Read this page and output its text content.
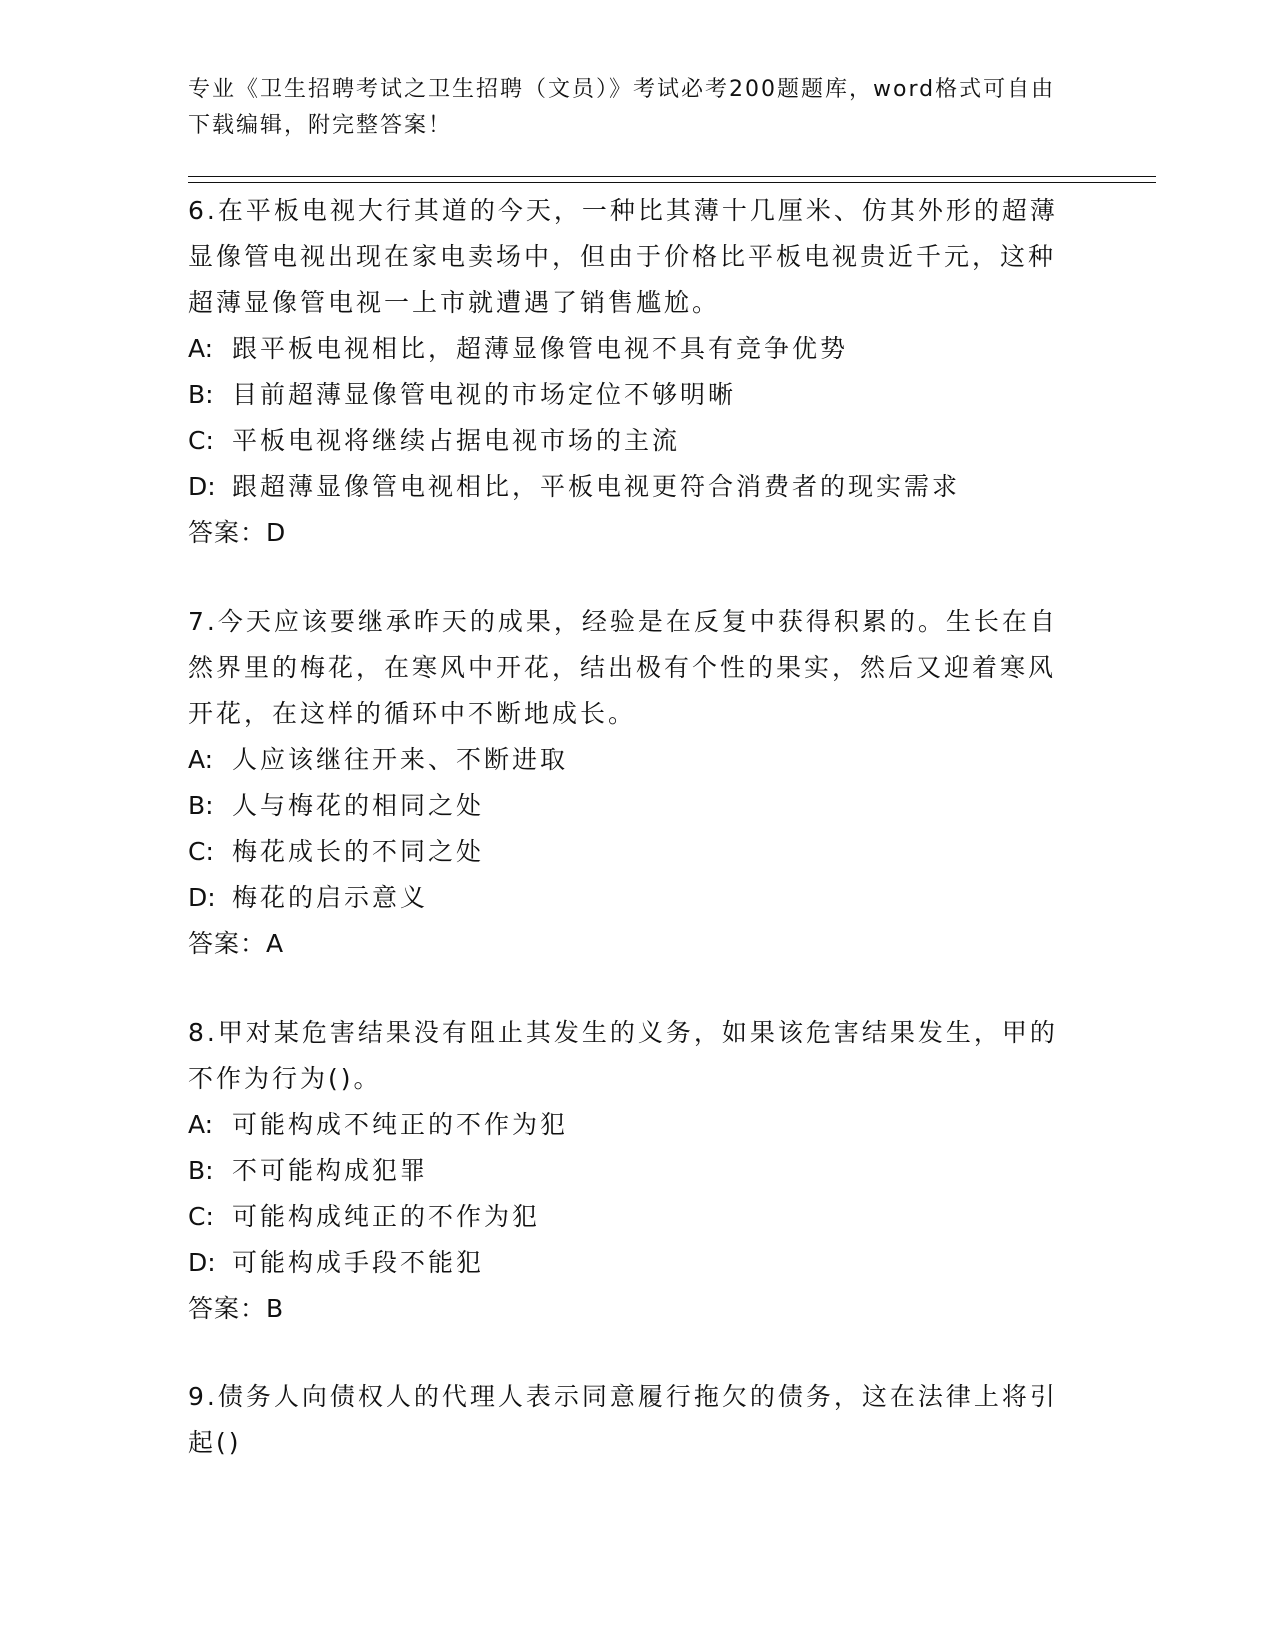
专业《卫生招聘考试之卫生招聘（文员）》考试必考200题题库，word格式可自由下载编辑，附完整答案！

6.在平板电视大行其道的今天，一种比其薄十几厘米、仿其外形的超薄显像管电视出现在家电卖场中，但由于价格比平板电视贵近千元，这种超薄显像管电视一上市就遭遇了销售尴尬。

A: 跟平板电视相比，超薄显像管电视不具有竞争优势

B: 目前超薄显像管电视的市场定位不够明晰

C: 平板电视将继续占据电视市场的主流

D: 跟超薄显像管电视相比，平板电视更符合消费者的现实需求

答案：D

7.今天应该要继承昨天的成果，经验是在反复中获得积累的。生长在自然界里的梅花，在寒风中开花，结出极有个性的果实，然后又迎着寒风开花，在这样的循环中不断地成长。

A: 人应该继往开来、不断进取

B: 人与梅花的相同之处

C: 梅花成长的不同之处

D: 梅花的启示意义

答案：A

8.甲对某危害结果没有阻止其发生的义务，如果该危害结果发生，甲的不作为行为()。

A: 可能构成不纯正的不作为犯

B: 不可能构成犯罪

C: 可能构成纯正的不作为犯

D: 可能构成手段不能犯

答案：B

9.债务人向债权人的代理人表示同意履行拖欠的债务，这在法律上将引起()
